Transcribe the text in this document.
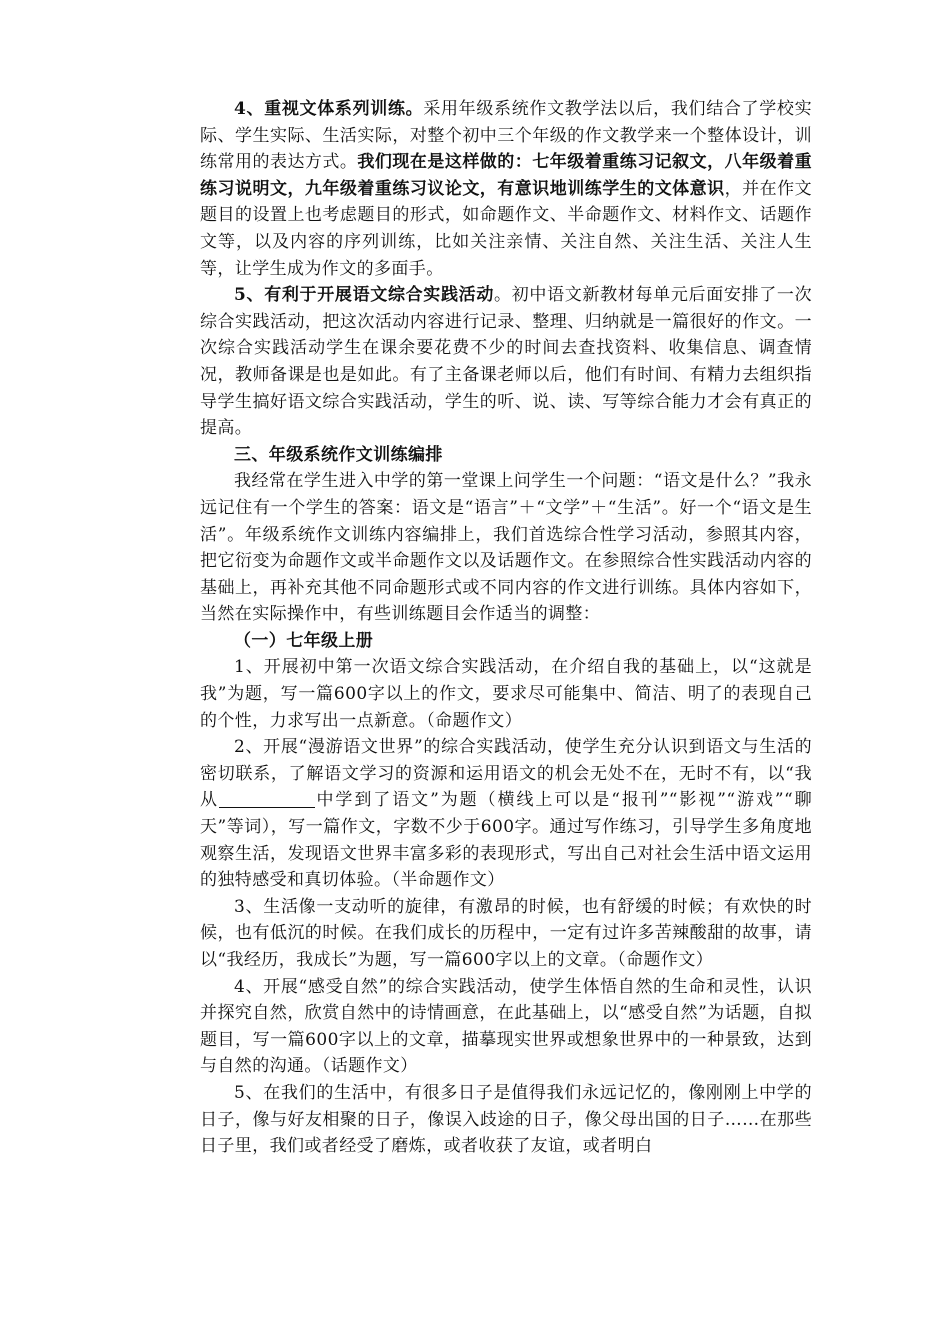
4、重视文体系列训练。采用年级系统作文教学法以后，我们结合了学校实际、学生实际、生活实际，对整个初中三个年级的作文教学来一个整体设计，训练常用的表达方式。我们现在是这样做的：七年级着重练习记叙文，八年级着重练习说明文，九年级着重练习议论文，有意识地训练学生的文体意识，并在作文题目的设置上也考虑题目的形式，如命题作文、半命题作文、材料作文、话题作文等，以及内容的序列训练，比如关注亲情、关注自然、关注生活、关注人生等，让学生成为作文的多面手。

5、有利于开展语文综合实践活动。初中语文新教材每单元后面安排了一次综合实践活动，把这次活动内容进行记录、整理、归纳就是一篇很好的作文。一次综合实践活动学生在课余要花费不少的时间去查找资料、收集信息、调查情况，教师备课是也是如此。有了主备课老师以后，他们有时间、有精力去组织指导学生搞好语文综合实践活动，学生的听、说、读、写等综合能力才会有真正的提高。

三、年级系统作文训练编排

我经常在学生进入中学的第一堂课上问学生一个问题：“语文是什么？”我永远记住有一个学生的答案：语文是“语言”＋“文学”＋“生活”。好一个“语文是生活”。年级系统作文训练内容编排上，我们首选综合性学习活动，参照其内容，把它衍变为命题作文或半命题作文以及话题作文。在参照综合性实践活动内容的基础上，再补充其他不同命题形式或不同内容的作文进行训练。具体内容如下，当然在实际操作中，有些训练题目会作适当的调整：

（一）七年级上册

1、开展初中第一次语文综合实践活动，在介绍自我的基础上，以“这就是我”为题，写一篇600字以上的作文，要求尽可能集中、简洁、明了的表现自己的个性，力求写出一点新意。（命题作文）

2、开展“漫游语文世界”的综合实践活动，使学生充分认识到语文与生活的密切联系，了解语文学习的资源和运用语文的机会无处不在，无时不有，以“我从	中学到了语文”为题（横线上可以是“报刊”“影视”“游戏”“聊天”等词），写一篇作文，字数不少于600字。通过写作练习，引导学生多角度地观察生活，发现语文世界丰富多彩的表现形式，写出自己对社会生活中语文运用的独特感受和真切体验。（半命题作文）

3、生活像一支动听的旋律，有激昂的时候，也有舒缓的时候；有欢快的时候，也有低沉的时候。在我们成长的历程中，一定有过许多苦辣酸甜的故事，请以“我经历，我成长”为题，写一篇600字以上的文章。（命题作文）

4、开展“感受自然”的综合实践活动，使学生体悟自然的生命和灵性，认识并探究自然，欣赏自然中的诗情画意，在此基础上，以“感受自然”为话题，自拟题目，写一篇600字以上的文章，描摹现实世界或想象世界中的一种景致，达到与自然的沟通。（话题作文）

5、在我们的生活中，有很多日子是值得我们永远记忆的，像刚刚上中学的日子，像与好友相聚的日子，像误入歧途的日子，像父母出国的日子……在那些日子里，我们或者经受了磨炼，或者收获了友谊，或者明白
